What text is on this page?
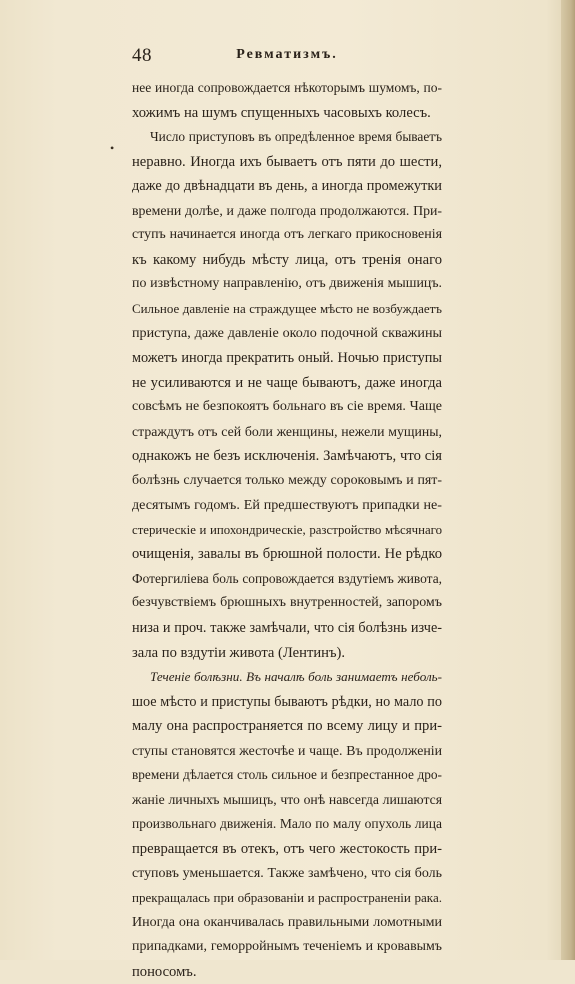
48	Ревматизмъ.
•
нее иногда сопровождается нѣкоторымъ шумомъ, по-
хожимъ на шумъ спущенныхъ часовыхъ колесъ.
Число приступовъ въ опредѣленное время бываетъ
неравно. Иногда ихъ бываетъ отъ пяти до шести,
даже до двѣнадцати въ день, а иногда промежутки
времени долѣе, и даже полгода продолжаются. При-
ступъ начинается иногда отъ легкаго прикосновенія
къ какому нибудь мѣсту лица, отъ тренія онаго
по извѣстному направленію, отъ движенія мышицъ.
Сильное давленіе на страждущее мѣсто не возбуждаетъ
приступа, даже давленіе около подочной скважины
можетъ иногда прекратить оный. Ночью приступы
не усиливаются и не чаще бываютъ, даже иногда
совсѣмъ не безпокоятъ больнаго въ сіе время. Чаще
страждутъ отъ сей боли женщины, нежели мущины,
однакожъ не безъ исключенія. Замѣчаютъ, что сія
болѣзнь случается только между сороковымъ и пят-
десятымъ годомъ. Ей предшествуютъ припадки не-
стерическіе и ипохондрическіе, разстройство мѣсячнаго
очищенія, завалы въ брюшной полости. Не рѣдко
Фотергиліева боль сопровождается вздутіемъ живота,
безчувствіемъ брюшныхъ внутренностей, запоромъ
низа и проч. также замѣчали, что сія болѣзнь изче-
зала по вздутіи живота (Лентинъ).
Теченіе болѣзни. Въ началѣ боль занимаетъ неболь-
шое мѣсто и приступы бываютъ рѣдки, но мало по
малу она распространяется по всему лицу и при-
ступы становятся жесточѣе и чаще. Въ продолженіи
времени дѣлается столь сильное и безпрестанное дро-
жаніе личныхъ мышицъ, что онѣ навсегда лишаются
произвольнаго движенія. Мало по малу опухоль лица
превращается въ отекъ, отъ чего жестокость при-
ступовъ уменьшается. Также замѣчено, что сія боль
прекращалась при образованіи и распространеніи рака.
Иногда она оканчивалась правильными ломотными
припадками, геморройнымъ теченіемъ и кровавымъ
поносомъ.
